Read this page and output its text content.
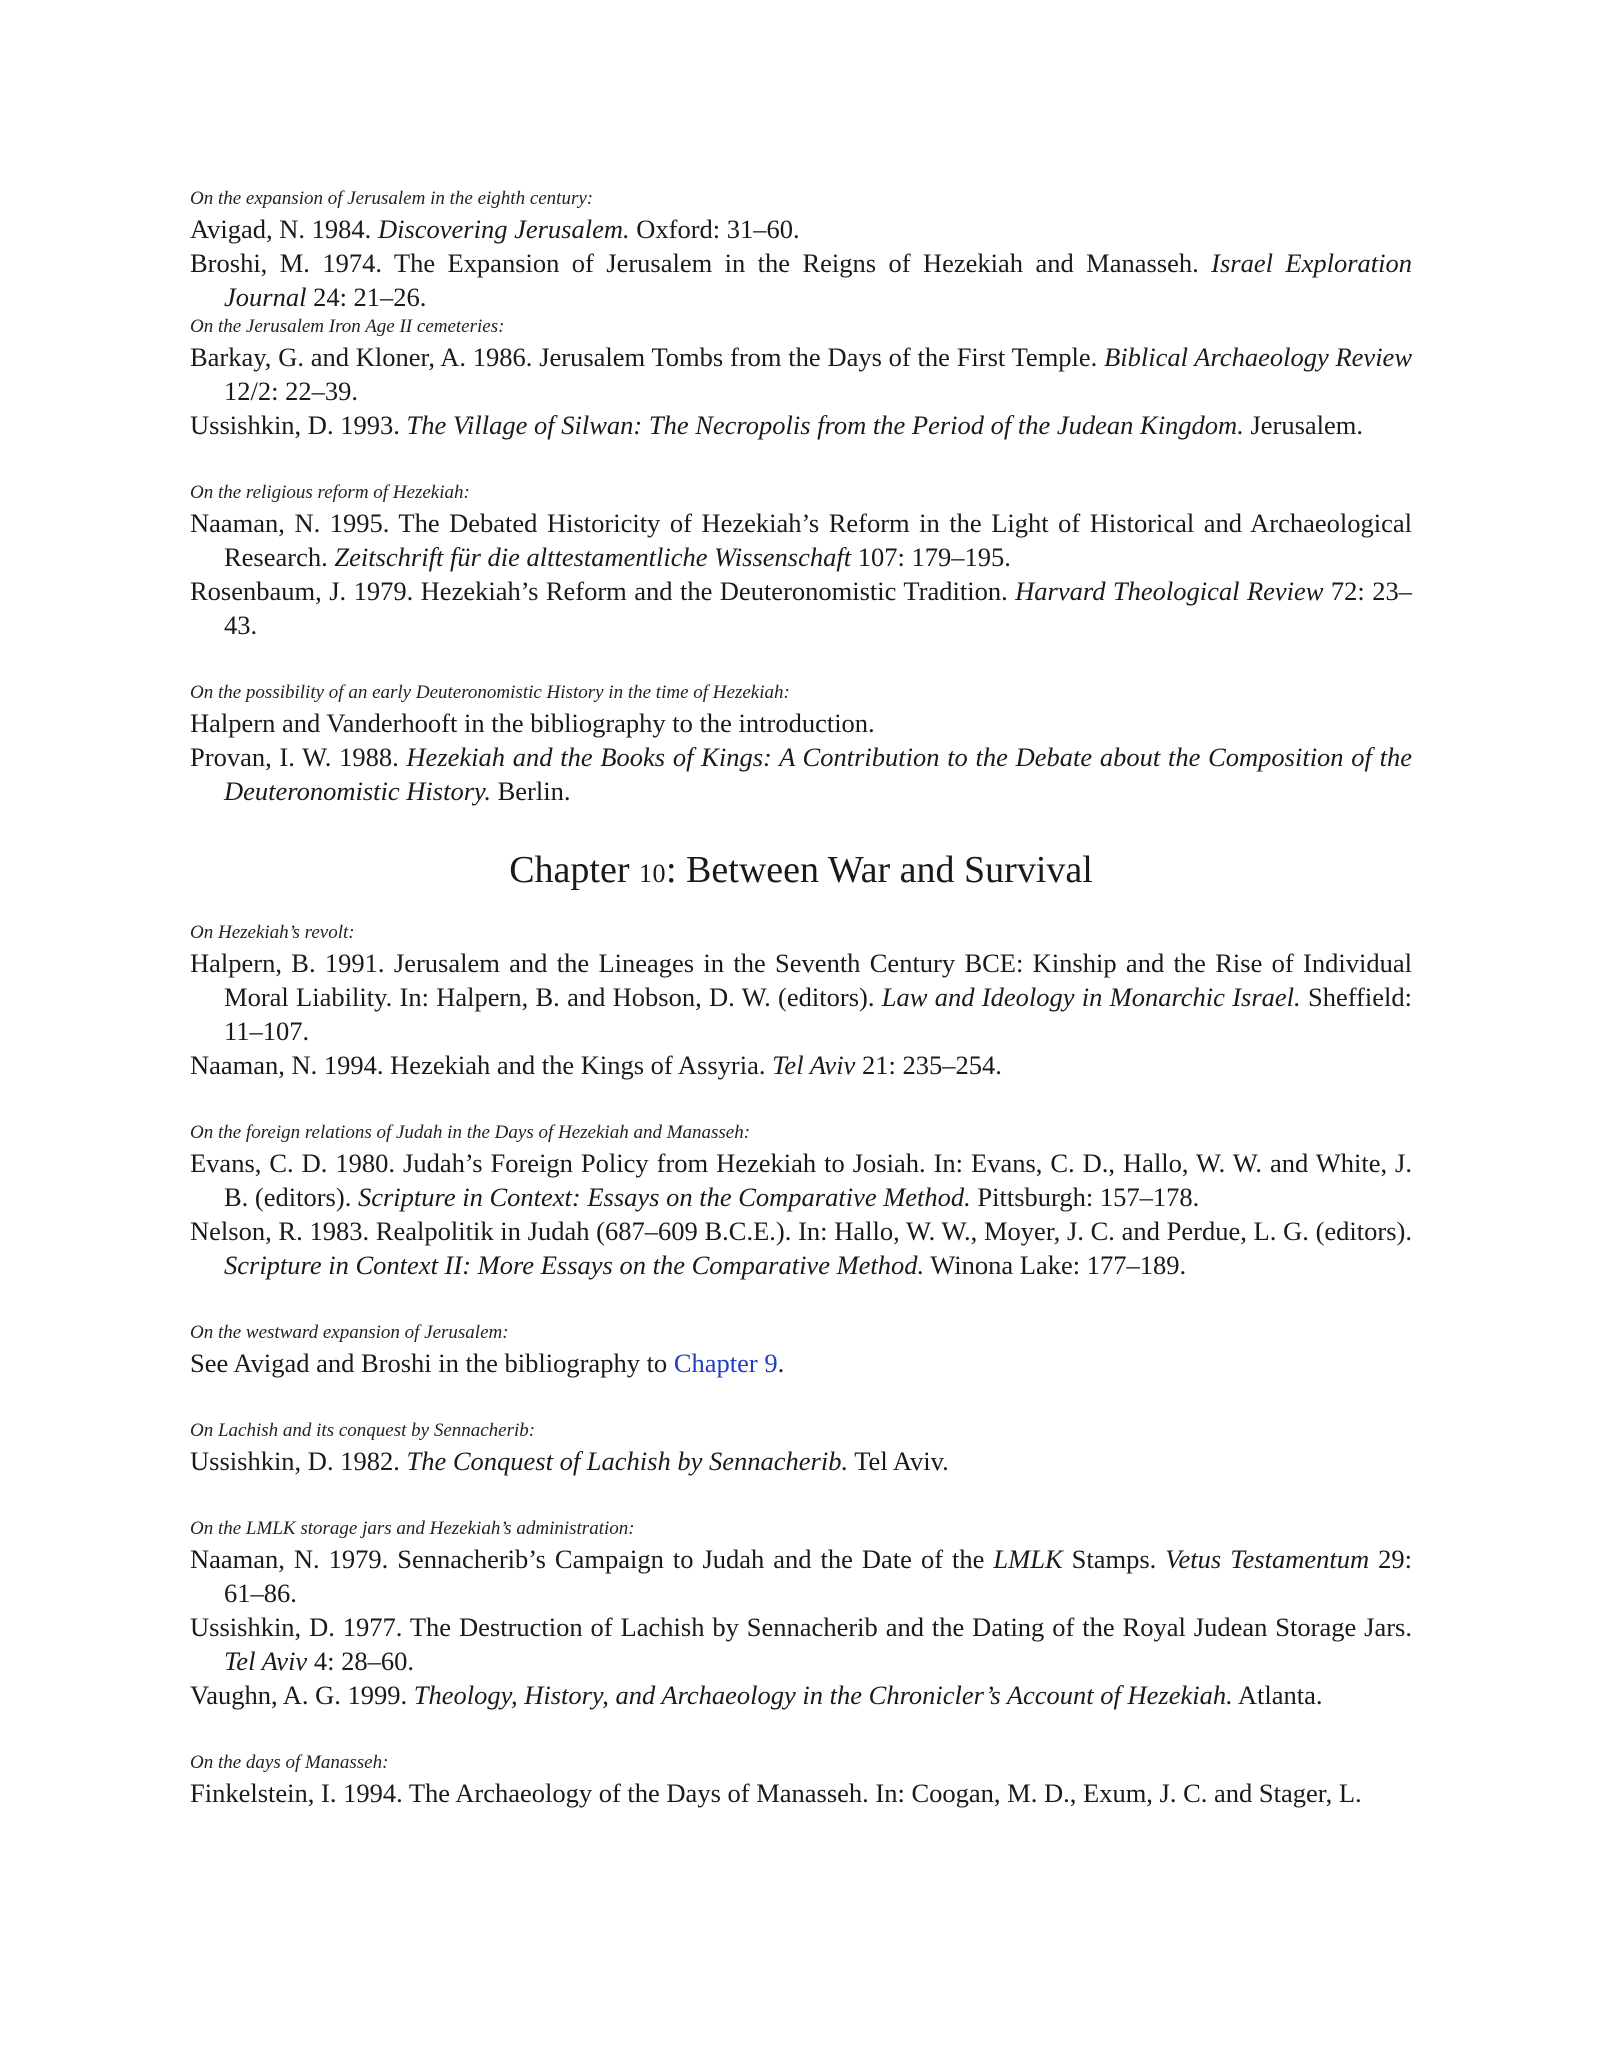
On the expansion of Jerusalem in the eighth century:

Avigad, N. 1984. Discovering Jerusalem. Oxford: 31–60.

Broshi, M. 1974. The Expansion of Jerusalem in the Reigns of Hezekiah and Manasseh. Israel Exploration Journal 24: 21–26.

On the Jerusalem Iron Age II cemeteries:

Barkay, G. and Kloner, A. 1986. Jerusalem Tombs from the Days of the First Temple. Biblical Archaeology Review 12/2: 22–39.

Ussishkin, D. 1993. The Village of Silwan: The Necropolis from the Period of the Judean Kingdom. Jerusalem.

On the religious reform of Hezekiah:

Naaman, N. 1995. The Debated Historicity of Hezekiah’s Reform in the Light of Historical and Archaeological Research. Zeitschrift für die alttestamentliche Wissenschaft 107: 179–195.

Rosenbaum, J. 1979. Hezekiah’s Reform and the Deuteronomistic Tradition. Harvard Theological Review 72: 23–43.

On the possibility of an early Deuteronomistic History in the time of Hezekiah:

Halpern and Vanderhooft in the bibliography to the introduction.

Provan, I. W. 1988. Hezekiah and the Books of Kings: A Contribution to the Debate about the Composition of the Deuteronomistic History. Berlin.

Chapter 10: Between War and Survival

On Hezekiah’s revolt:

Halpern, B. 1991. Jerusalem and the Lineages in the Seventh Century BCE: Kinship and the Rise of Individual Moral Liability. In: Halpern, B. and Hobson, D. W. (editors). Law and Ideology in Monarchic Israel. Sheffield: 11–107.

Naaman, N. 1994. Hezekiah and the Kings of Assyria. Tel Aviv 21: 235–254.

On the foreign relations of Judah in the Days of Hezekiah and Manasseh:

Evans, C. D. 1980. Judah’s Foreign Policy from Hezekiah to Josiah. In: Evans, C. D., Hallo, W. W. and White, J. B. (editors). Scripture in Context: Essays on the Comparative Method. Pittsburgh: 157–178.

Nelson, R. 1983. Realpolitik in Judah (687–609 B.C.E.). In: Hallo, W. W., Moyer, J. C. and Perdue, L. G. (editors). Scripture in Context II: More Essays on the Comparative Method. Winona Lake: 177–189.

On the westward expansion of Jerusalem:

See Avigad and Broshi in the bibliography to Chapter 9.

On Lachish and its conquest by Sennacherib:

Ussishkin, D. 1982. The Conquest of Lachish by Sennacherib. Tel Aviv.

On the LMLK storage jars and Hezekiah’s administration:

Naaman, N. 1979. Sennacherib’s Campaign to Judah and the Date of the LMLK Stamps. Vetus Testamentum 29: 61–86.

Ussishkin, D. 1977. The Destruction of Lachish by Sennacherib and the Dating of the Royal Judean Storage Jars. Tel Aviv 4: 28–60.

Vaughn, A. G. 1999. Theology, History, and Archaeology in the Chronicler’s Account of Hezekiah. Atlanta.

On the days of Manasseh:

Finkelstein, I. 1994. The Archaeology of the Days of Manasseh. In: Coogan, M. D., Exum, J. C. and Stager, L.
